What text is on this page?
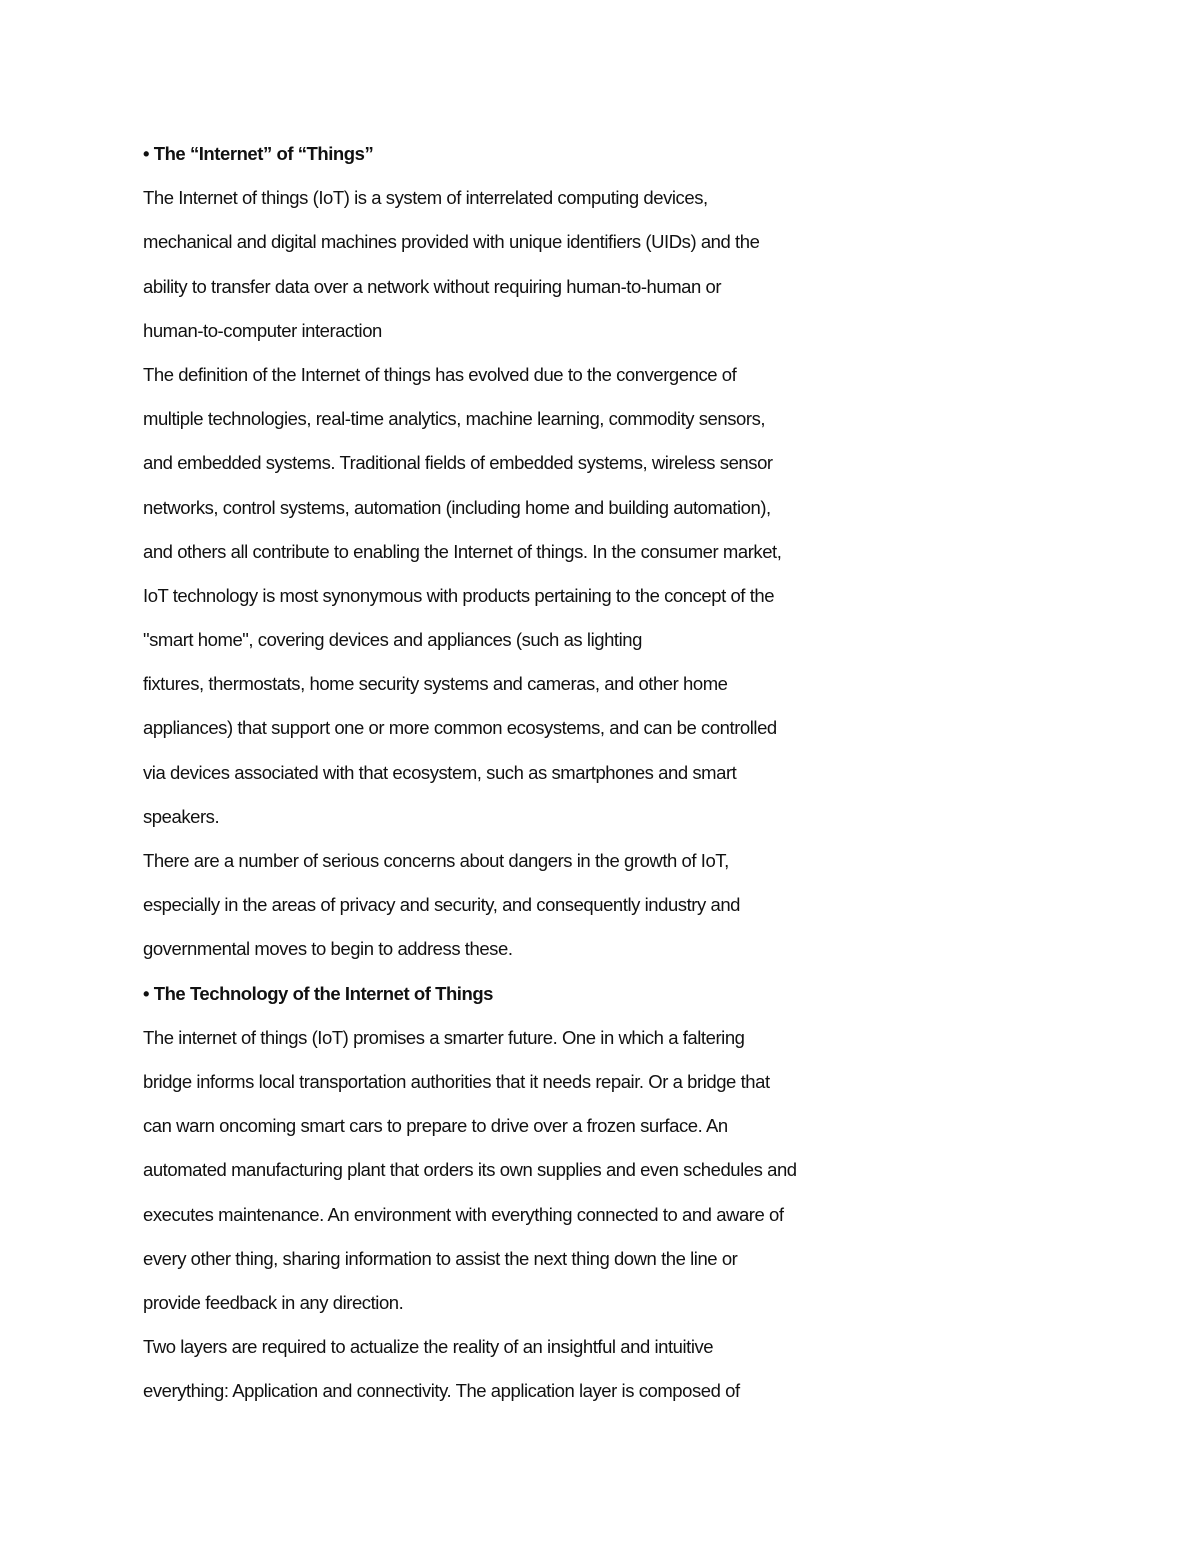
• The “Internet” of “Things”
The Internet of things (IoT) is a system of interrelated computing devices,
mechanical and digital machines provided with unique identifiers (UIDs) and the
ability to transfer data over a network without requiring human-to-human or
human-to-computer interaction
The definition of the Internet of things has evolved due to the convergence of
multiple technologies, real-time analytics, machine learning, commodity sensors,
and embedded systems. Traditional fields of embedded systems, wireless sensor
networks, control systems, automation (including home and building automation),
and others all contribute to enabling the Internet of things. In the consumer market,
IoT technology is most synonymous with products pertaining to the concept of the
"smart home", covering devices and appliances (such as lighting
fixtures, thermostats, home security systems and cameras, and other home
appliances) that support one or more common ecosystems, and can be controlled
via devices associated with that ecosystem, such as smartphones and smart
speakers.
There are a number of serious concerns about dangers in the growth of IoT,
especially in the areas of privacy and security, and consequently industry and
governmental moves to begin to address these.
• The Technology of the Internet of Things
The internet of things (IoT) promises a smarter future. One in which a faltering
bridge informs local transportation authorities that it needs repair. Or a bridge that
can warn oncoming smart cars to prepare to drive over a frozen surface. An
automated manufacturing plant that orders its own supplies and even schedules and
executes maintenance. An environment with everything connected to and aware of
every other thing, sharing information to assist the next thing down the line or
provide feedback in any direction.
Two layers are required to actualize the reality of an insightful and intuitive
everything: Application and connectivity. The application layer is composed of
